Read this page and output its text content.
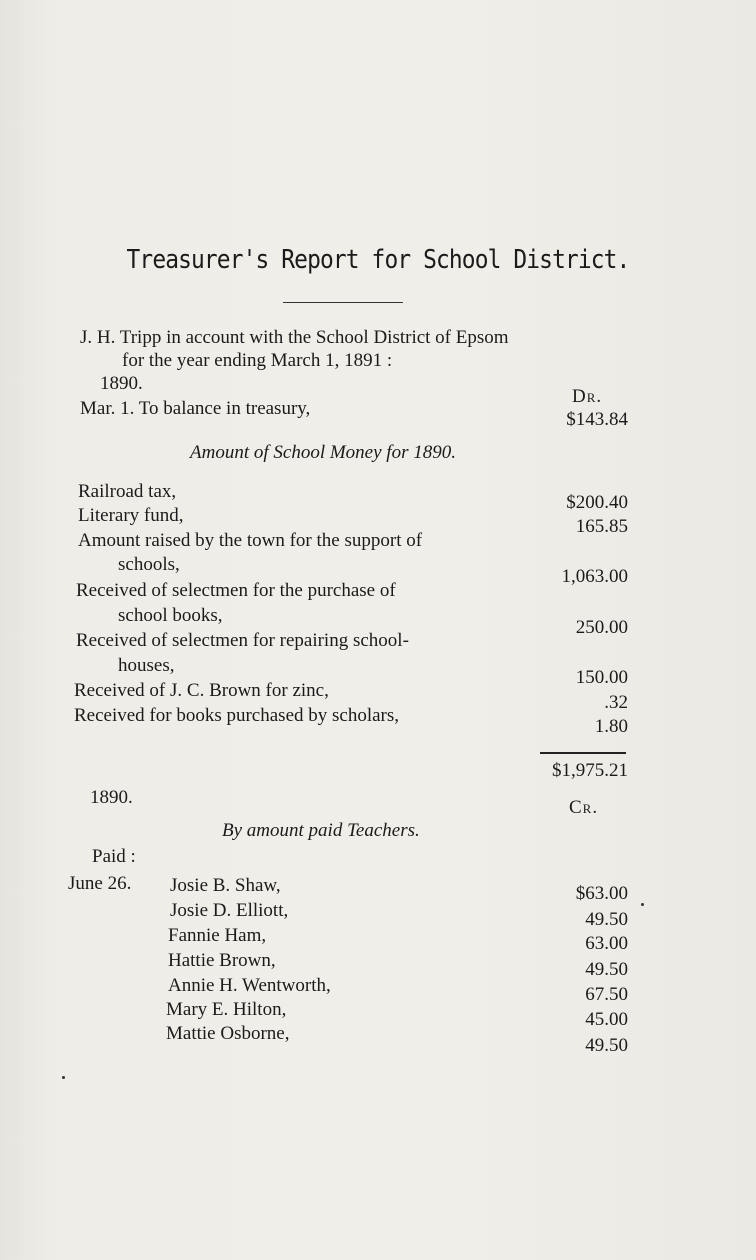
Treasurer's Report for School District.
J. H. Tripp in account with the School District of Epsom
for the year ending March 1, 1891 :
1890.
Dr.
Mar. 1. To balance in treasury,
$143.84
Amount of School Money for 1890.
Railroad tax,
$200.40
Literary fund,
165.85
Amount raised by the town for the support of
schools,
1,063.00
Received of selectmen for the purchase of
school books,
250.00
Received of selectmen for repairing school-
houses,
150.00
Received of J. C. Brown for zinc,
.32
Received for books purchased by scholars,
1.80
$1,975.21
1890.	Cr.
By amount paid Teachers.
Paid :
June 26. Josie B. Shaw,	$63.00
Josie D. Elliott,	49.50
Fannie Ham,	63.00
Hattie Brown,	49.50
Annie H. Wentworth,	67.50
Mary E. Hilton,	45.00
Mattie Osborne,
49.50
